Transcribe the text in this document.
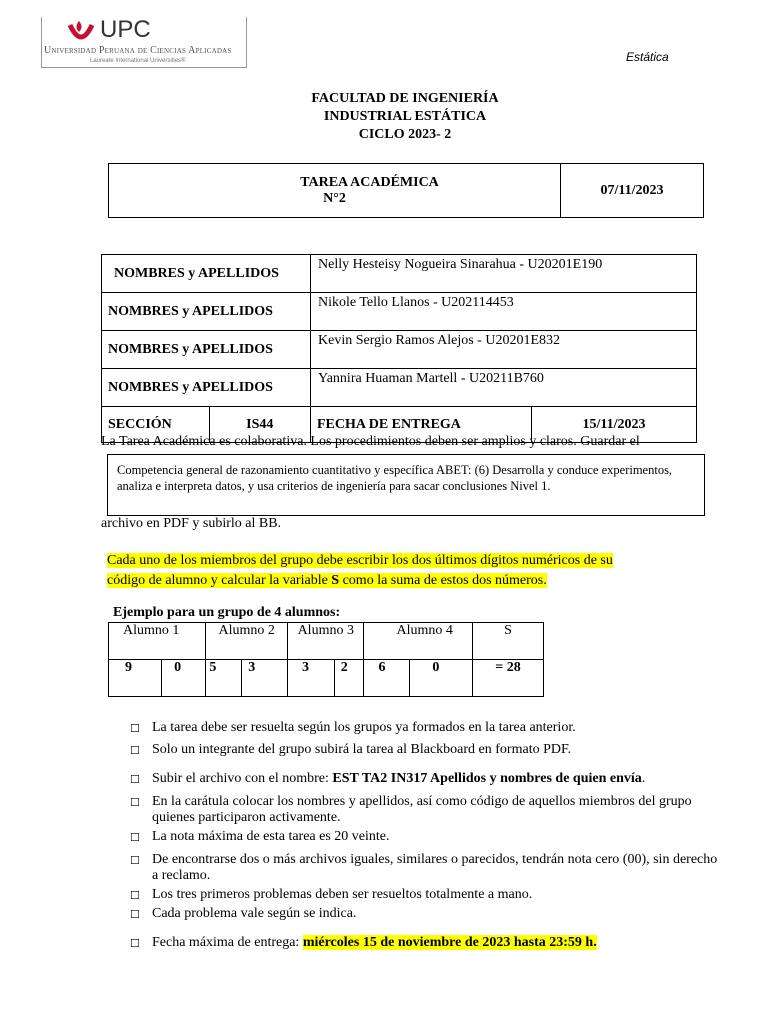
UPC
Universidad Peruana de Ciencias Aplicadas
Laureate International Universities®	Estática
FACULTAD DE INGENIERÍA
INDUSTRIAL ESTÁTICA
CICLO 2023- 2
TAREA ACADÉMICA
N°2
	07/11/2023
NOMBRES y APELLIDOS		Nelly Hesteisy Nogueira Sinarahua - U20201E190	
NOMBRES y APELLIDOS		Nikole Tello Llanos - U202114453	
NOMBRES y APELLIDOS		Kevin Sergio Ramos Alejos - U20201E832	
NOMBRES y APELLIDOS		Yannira Huaman Martell - U20211B760	
SECCIÓN	IS44	FECHA DE ENTREGA	15/11/2023
La Tarea Académica es colaborativa. Los procedimientos deben ser amplios y claros. Guardar el
Competencia general de razonamiento cuantitativo y específica ABET: (6) Desarrolla y conduce experimentos, analiza e interpreta datos, y usa criterios de ingeniería para sacar conclusiones Nivel 1.
archivo en PDF y subirlo al BB.
Cada uno de los miembros del grupo debe escribir los dos últimos dígitos numéricos de su
código de alumno y calcular la variable S como la suma de estos dos números.
Ejemplo para un grupo de 4 alumnos:
Alumno 1		Alumno 2		Alumno 3		Alumno 4		S
9	0	5	3	3	2	6	0	= 28
☐ La tarea debe ser resuelta según los grupos ya formados en la tarea anterior.
☐ Solo un integrante del grupo subirá la tarea al Blackboard en formato PDF.
☐ Subir el archivo con el nombre: EST TA2 IN317 Apellidos y nombres de quien envía.
☐ En la carátula colocar los nombres y apellidos, así como código de aquellos miembros del grupo quienes participaron activamente.
☐ La nota máxima de esta tarea es 20 veinte.
☐ De encontrarse dos o más archivos iguales, similares o parecidos, tendrán nota cero (00), sin derecho a reclamo.
☐ Los tres primeros problemas deben ser resueltos totalmente a mano.
☐ Cada problema vale según se indica.
☐ Fecha máxima de entrega: miércoles 15 de noviembre de 2023 hasta 23:59 h.
